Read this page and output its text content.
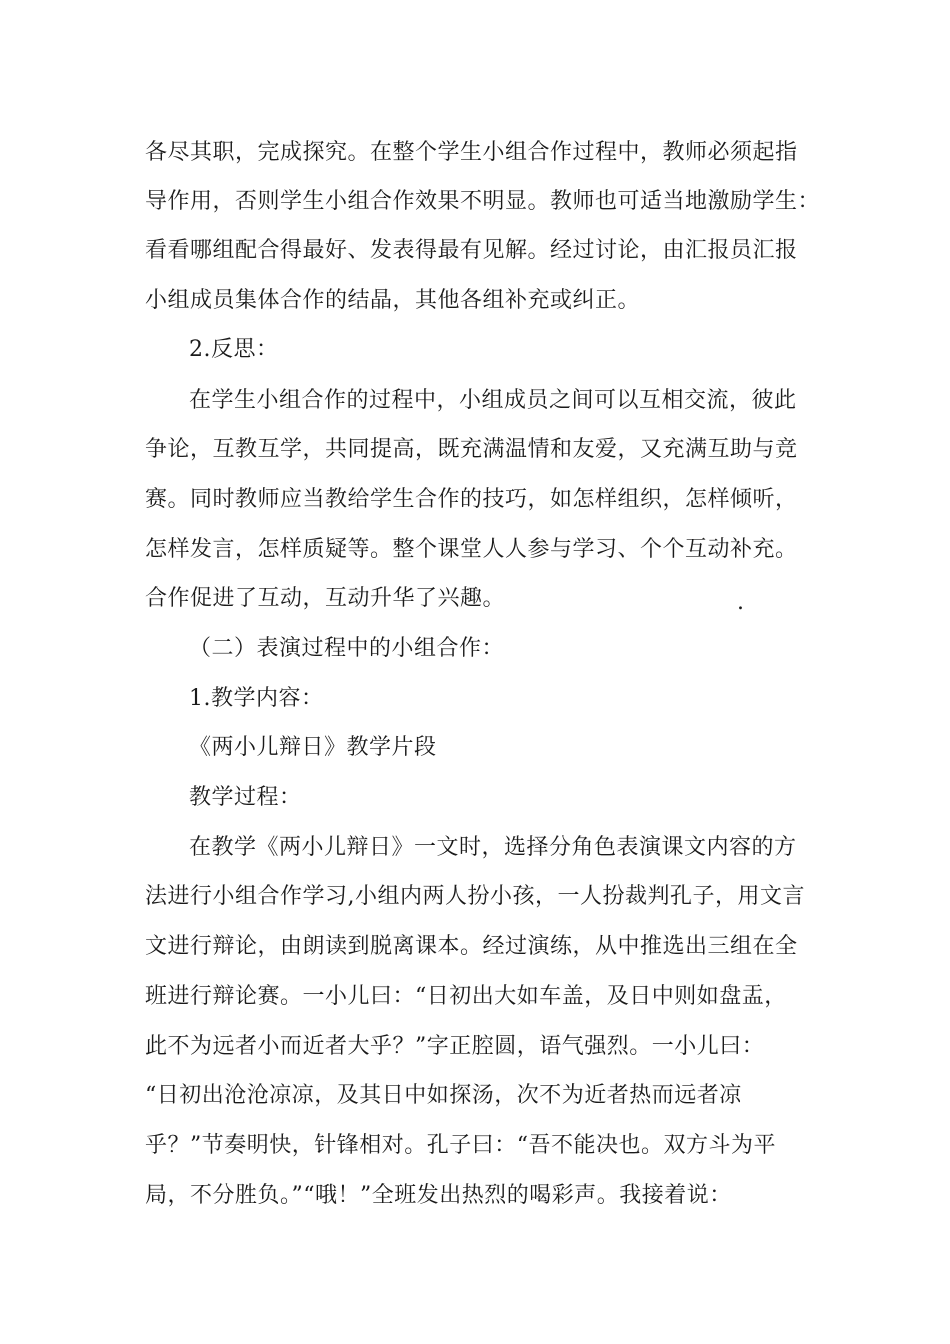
各尽其职，完成探究。在整个学生小组合作过程中，教师必须起指
导作用，否则学生小组合作效果不明显。教师也可适当地激励学生：
看看哪组配合得最好、发表得最有见解。经过讨论，由汇报员汇报
小组成员集体合作的结晶，其他各组补充或纠正。
2.反思：
在学生小组合作的过程中，小组成员之间可以互相交流，彼此
争论，互教互学，共同提高，既充满温情和友爱，又充满互助与竞
赛。同时教师应当教给学生合作的技巧，如怎样组织，怎样倾听，
怎样发言，怎样质疑等。整个课堂人人参与学习、个个互动补充。
合作促进了互动，互动升华了兴趣。	.
（二）表演过程中的小组合作：
1.教学内容：
《两小儿辩日》教学片段
教学过程：
在教学《两小儿辩日》一文时，选择分角色表演课文内容的方
法进行小组合作学习,小组内两人扮小孩，一人扮裁判孔子，用文言
文进行辩论，由朗读到脱离课本。经过演练，从中推选出三组在全
班进行辩论赛。一小儿曰：“日初出大如车盖，及日中则如盘盂，
此不为远者小而近者大乎？”字正腔圆，语气强烈。一小儿曰：
“日初出沧沧凉凉，及其日中如探汤，次不为近者热而远者凉
乎？”节奏明快，针锋相对。孔子曰：“吾不能决也。双方斗为平
局，不分胜负。”“哦！”全班发出热烈的喝彩声。我接着说：
